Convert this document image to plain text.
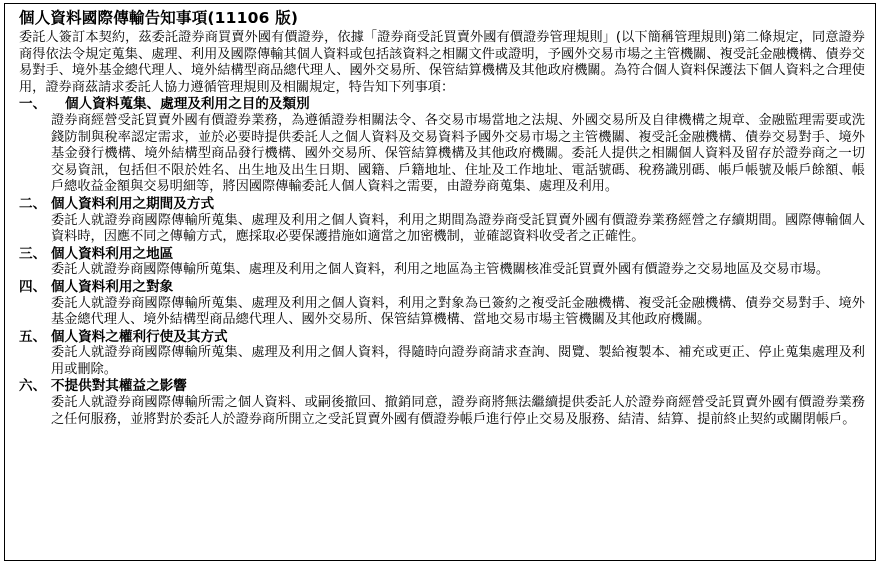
個人資料國際傳輸告知事項(11106 版)

委託人簽訂本契約，茲委託證券商買賣外國有價證券，依據「證券商受託買賣外國有價證券管理規則」(以下簡稱管理規則)第二條規定，同意證券商得依法令規定蒐集、處理、利用及國際傳輸其個人資料或包括該資料之相關文件或證明，予國外交易市場之主管機關、複受託金融機構、債券交易對手、境外基金總代理人、境外結構型商品總代理人、國外交易所、保管結算機構及其他政府機關。為符合個人資料保護法下個人資料之合理使用，證券商茲請求委託人協力遵循管理規則及相關規定，特告知下列事項：

一、 個人資料蒐集、處理及利用之目的及類別

證券商經營受託買賣外國有價證券業務，為遵循證券相關法令、各交易市場當地之法規、外國交易所及自律機構之規章、金融監理需要或洗錢防制與稅率認定需求，並於必要時提供委託人之個人資料及交易資料予國外交易市場之主管機關、複受託金融機構、債券交易對手、境外基金發行機構、境外結構型商品發行機構、國外交易所、保管結算機構及其他政府機關。委託人提供之相關個人資料及留存於證券商之一切交易資訊，包括但不限於姓名、出生地及出生日期、國籍、戶籍地址、住址及工作地址、電話號碼、稅務識別碼、帳戶帳號及帳戶餘額、帳戶總收益金額與交易明細等，將因國際傳輸委託人個人資料之需要，由證券商蒐集、處理及利用。

二、 個人資料利用之期間及方式

委託人就證券商國際傳輸所蒐集、處理及利用之個人資料，利用之期間為證券商受託買賣外國有價證券業務經營之存續期間。國際傳輸個人資料時，因應不同之傳輸方式，應採取必要保護措施如適當之加密機制，並確認資料收受者之正確性。

三、 個人資料利用之地區

委託人就證券商國際傳輸所蒐集、處理及利用之個人資料，利用之地區為主管機關核准受託買賣外國有價證券之交易地區及交易市場。

四、 個人資料利用之對象

委託人就證券商國際傳輸所蒐集、處理及利用之個人資料，利用之對象為已簽約之複受託金融機構、複受託金融機構、債券交易對手、境外基金總代理人、境外結構型商品總代理人、國外交易所、保管結算機構、當地交易市場主管機關及其他政府機關。

五、 個人資料之權利行使及其方式

委託人就證券商國際傳輸所蒐集、處理及利用之個人資料，得隨時向證券商請求查詢、閱覽、製給複製本、補充或更正、停止蒐集處理及利用或刪除。

六、 不提供對其權益之影響

委託人就證券商國際傳輸所需之個人資料、或嗣後撤回、撤銷同意，證券商將無法繼續提供委託人於證券商經營受託買賣外國有價證券業務之任何服務，並將對於委託人於證券商所開立之受託買賣外國有價證券帳戶進行停止交易及服務、結清、結算、提前終止契約或關閉帳戶。
